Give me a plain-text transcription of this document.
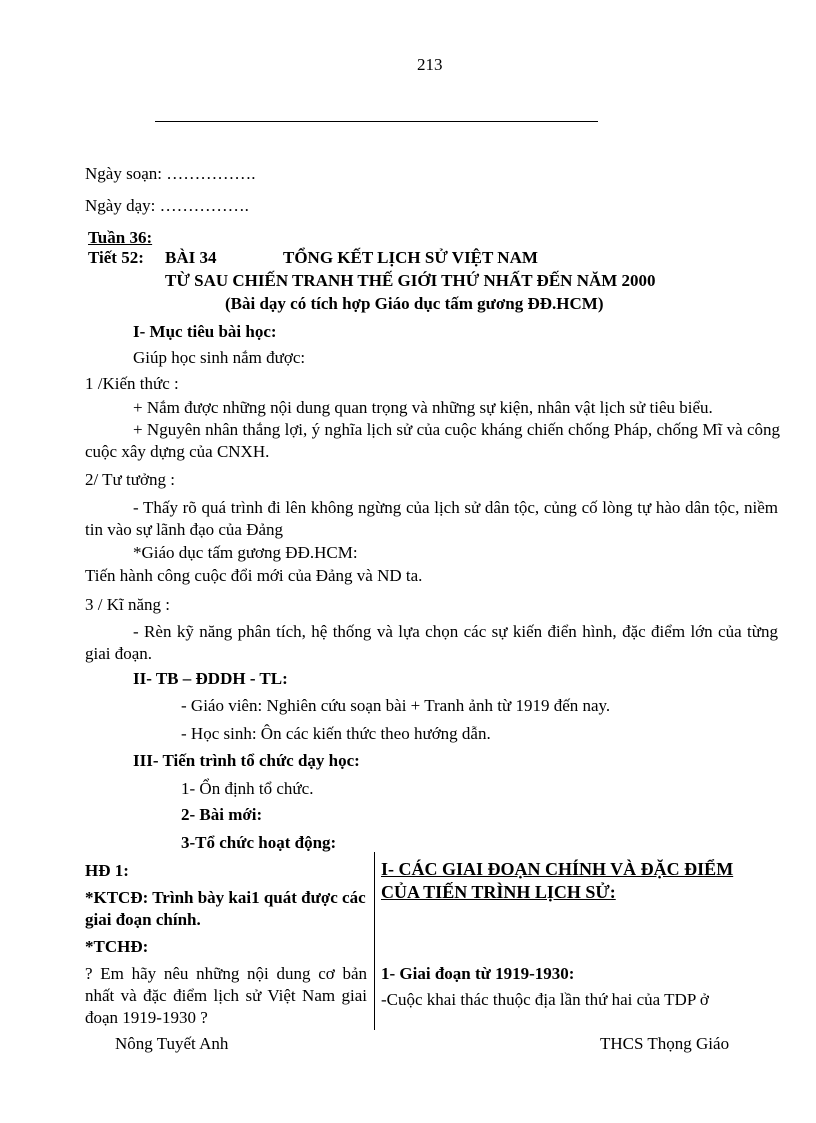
213
Ngày soạn: …………….
Ngày dạy: …………….
Tuần 36:
Tiết 52: BÀI 34	TỔNG KẾT LỊCH SỬ VIỆT NAM
TỪ SAU CHIẾN TRANH THẾ GIỚI THỨ NHẤT ĐẾN NĂM 2000
(Bài dạy có tích hợp Giáo dục tấm gương ĐĐ.HCM)
I- Mục tiêu bài học:
Giúp học sinh nắm được:
1 /Kiến thức :
+ Nắm được những nội dung quan trọng và những sự kiện, nhân vật lịch sử tiêu biểu.
+ Nguyên nhân thắng lợi, ý nghĩa lịch sử của cuộc kháng chiến chống Pháp, chống Mĩ và công cuộc xây dựng của CNXH.
2/ Tư tưởng :
- Thấy rõ quá trình đi lên không ngừng của lịch sử dân tộc, củng cố lòng tự hào dân tộc, niềm tin vào sự lãnh đạo của Đảng
*Giáo dục tấm gương ĐĐ.HCM:
Tiến hành công cuộc đổi mới của Đảng và ND ta.
3 / Kĩ năng :
- Rèn kỹ năng phân tích, hệ thống và lựa chọn các sự kiến điển hình, đặc điểm lớn của từng giai đoạn.
II- TB – ĐDDH - TL:
- Giáo viên: Nghiên cứu soạn bài + Tranh ảnh từ 1919 đến nay.
- Học sinh: Ôn các kiến thức theo hướng dẫn.
III- Tiến trình tổ chức dạy học:
1- Ổn định tổ chức.
2- Bài mới:
3-Tổ chức hoạt động:
HĐ 1:
*KTCĐ: Trình bày kai1 quát được các giai đoạn chính.
*TCHĐ:
? Em hãy nêu những nội dung cơ bản nhất và đặc điểm lịch sử Việt Nam giai đoạn 1919-1930 ?
I- CÁC GIAI ĐOẠN CHÍNH VÀ ĐẶC ĐIỂM CỦA TIẾN TRÌNH LỊCH SỬ:
1- Giai đoạn từ 1919-1930:
-Cuộc khai thác thuộc địa lần thứ hai của TDP ở
Nông Tuyết Anh	THCS Thọng Giáo
